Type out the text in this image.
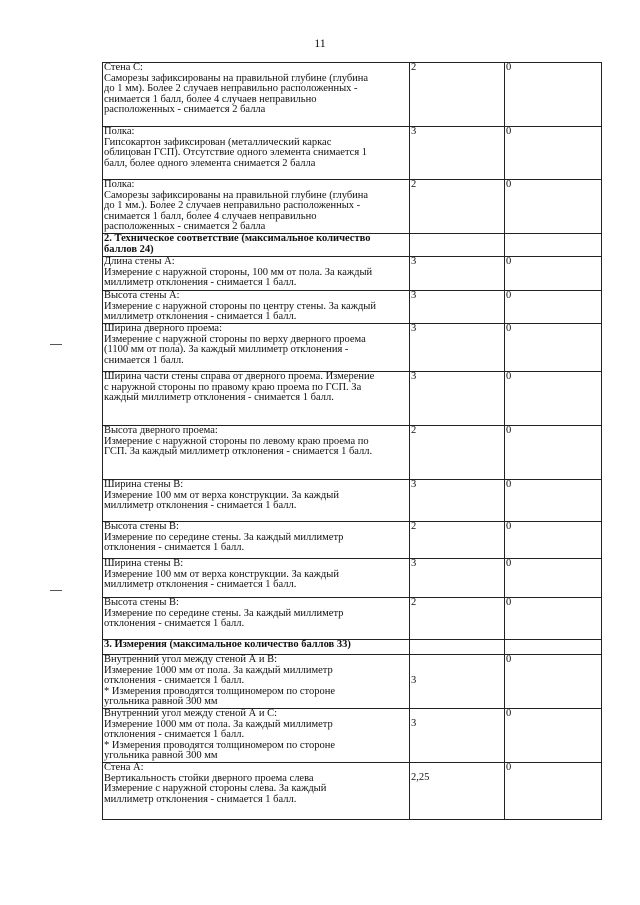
11
Стена С:
Саморезы зафиксированы на правильной глубине (глубина
до 1 мм). Более 2 случаев неправильно расположенных -
снимается 1 балл, более 4 случаев неправильно
расположенных - снимается 2 балла	2	0

Полка:
Гипсокартон зафиксирован (металлический каркас
облицован ГСП). Отсутствие одного элемента снимается 1
балл, более одного элемента снимается 2 балла	3	0

Полка:
Саморезы зафиксированы на правильной глубине (глубина
до 1 мм.). Более 2 случаев неправильно расположенных -
снимается 1 балл, более 4 случаев неправильно
расположенных - снимается 2 балла	2	0

2. Техническое соответствие (максимальное количество
баллов 24)		

Длина стены А:
Измерение с наружной стороны, 100 мм от пола. За каждый
миллиметр отклонения - снимается 1 балл.	3	0

Высота стены А:
Измерение с наружной стороны по центру стены. За каждый
миллиметр отклонения - снимается 1 балл.	3	0

Ширина дверного проема:
Измерение с наружной стороны по верху дверного проема
(1100 мм от пола). За каждый миллиметр отклонения -
снимается 1 балл.	3	0

Ширина части стены справа от дверного проема. Измерение
с наружной стороны по правому краю проема по ГСП. За
каждый миллиметр отклонения - снимается 1 балл.	3	0

Высота дверного проема:
Измерение с наружной стороны по левому краю проема по
ГСП. За каждый миллиметр отклонения - снимается 1 балл.	2	0

Ширина стены В:
Измерение 100 мм от верха конструкции. За каждый
миллиметр отклонения - снимается 1 балл.	3	0

Высота стены В:
Измерение по середине стены. За каждый миллиметр
отклонения - снимается 1 балл.	2	0

Ширина стены В:
Измерение 100 мм от верха конструкции. За каждый
миллиметр отклонения - снимается 1 балл.	3	0

Высота стены В:
Измерение по середине стены. За каждый миллиметр
отклонения - снимается 1 балл.	2	0

3. Измерения (максимальное количество баллов 33)		

Внутренний угол между стеной А и В:
Измерение 1000 мм от пола. За каждый миллиметр
отклонения - снимается 1 балл.
* Измерения проводятся толщиномером по стороне
угольника равной 300 мм	3	0

Внутренний угол между стеной А и С:
Измерение 1000 мм от пола. За каждый миллиметр
отклонения - снимается 1 балл.
* Измерения проводятся толщиномером по стороне
угольника равной 300 мм	3	0

Стена А:
Вертикальность стойки дверного проема слева
Измерение с наружной стороны слева. За каждый
миллиметр отклонения - снимается 1 балл.	2,25	0
